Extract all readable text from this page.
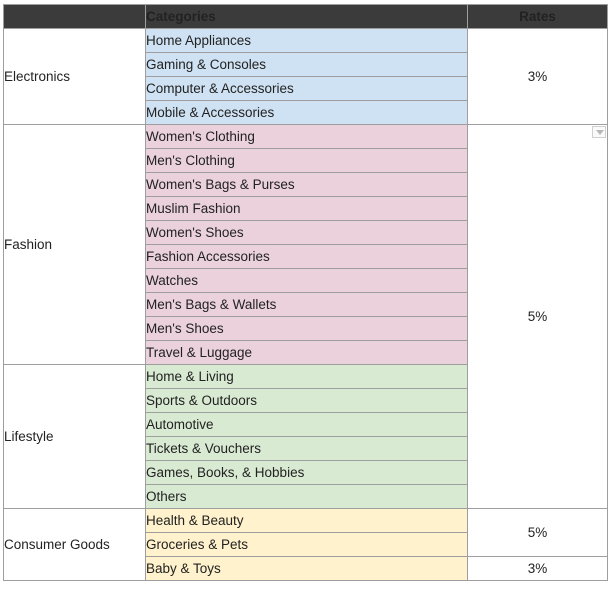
	Categories	Rates
Electronics	Home Appliances	3%
	Gaming & Consoles	
	Computer & Accessories	
	Mobile & Accessories	
Fashion	Women's Clothing	5%
	Men's Clothing	
	Women's Bags & Purses	
	Muslim Fashion	
	Women's Shoes	
	Fashion Accessories	
	Watches	
	Men's Bags & Wallets	
	Men's Shoes	
	Travel & Luggage	
Lifestyle	Home & Living	
	Sports & Outdoors	
	Automotive	
	Tickets & Vouchers	
	Games, Books, & Hobbies	
	Others	
Consumer Goods	Health & Beauty	5%
	Groceries & Pets	
	Baby & Toys	3%
